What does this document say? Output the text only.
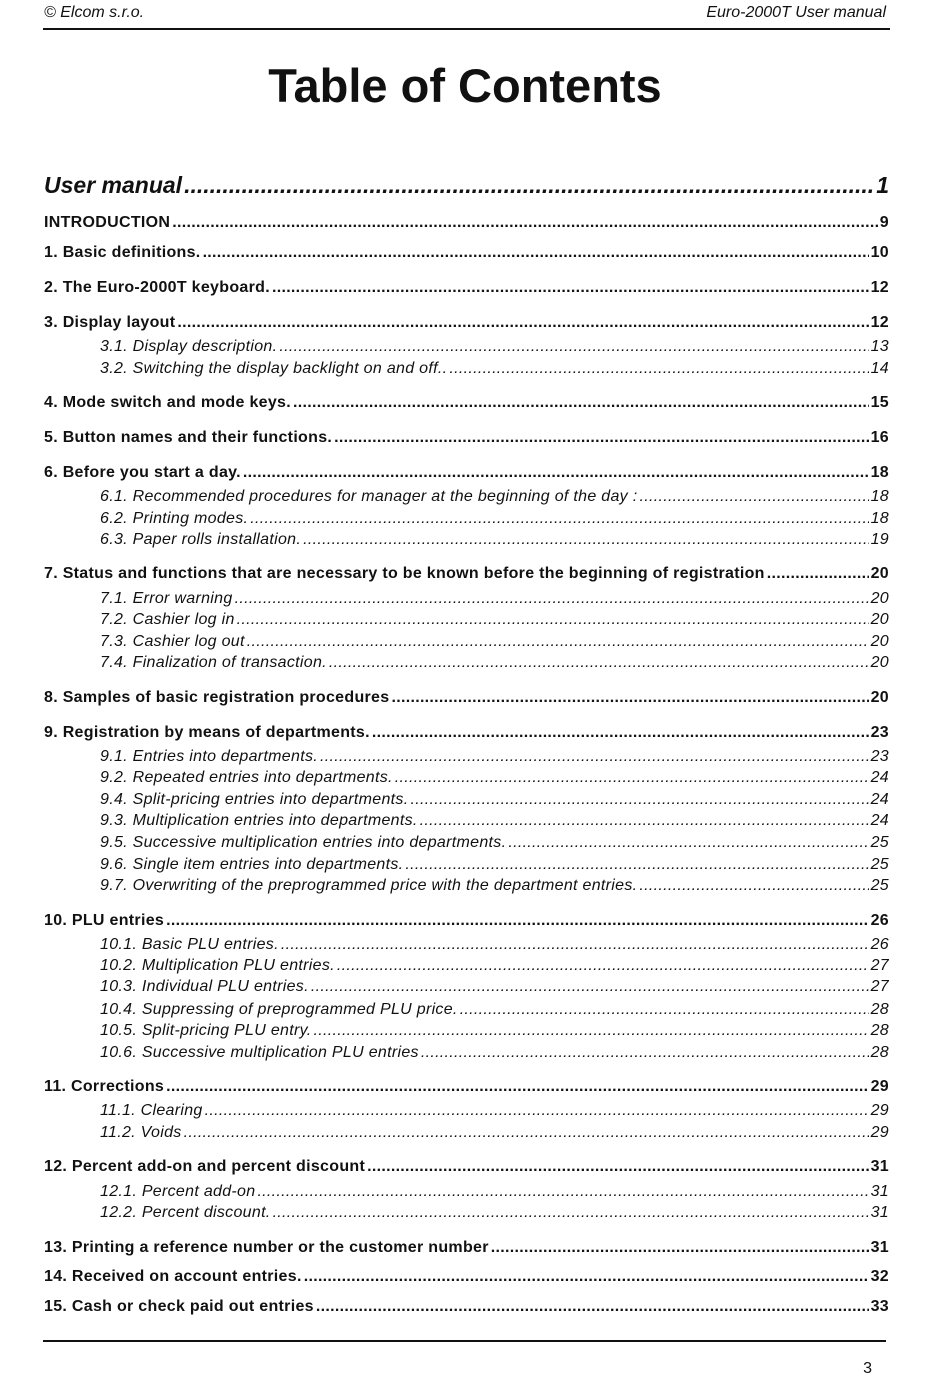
© Elcom s.r.o.	Euro-2000T User manual
Table of Contents
User manual .....	1
INTRODUCTION .....	9
1. Basic definitions. .....	10
2. The Euro-2000T keyboard. .....	12
3. Display layout .....	12
3.1. Display description. .....	13
3.2. Switching the display backlight on and off.. .....	14
4. Mode switch and mode keys. .....	15
5. Button names and their functions. .....	16
6. Before you start a day. .....	18
6.1. Recommended procedures for manager at the beginning of the day : .....	18
6.2. Printing modes. .....	18
6.3. Paper rolls installation. .....	19
7. Status and functions that are necessary to be known before the beginning of registration .....	20
7.1. Error warning .....	20
7.2. Cashier log in .....	20
7.3. Cashier log out .....	20
7.4. Finalization of transaction. .....	20
8. Samples of basic registration procedures .....	20
9. Registration by means of departments. .....	23
9.1. Entries into departments. .....	23
9.2. Repeated entries into departments. .....	24
9.4. Split-pricing entries into departments. .....	24
9.3. Multiplication entries into departments. .....	24
9.5. Successive multiplication entries into departments. .....	25
9.6. Single item entries into departments. .....	25
9.7. Overwriting of the preprogrammed price with the department entries. .....	25
10. PLU entries .....	26
10.1. Basic PLU entries. .....	26
10.2. Multiplication PLU entries. .....	27
10.3. Individual PLU entries. .....	27
10.4. Suppressing of preprogrammed PLU price. .....	28
10.5. Split-pricing PLU entry. .....	28
10.6. Successive multiplication PLU entries .....	28
11. Corrections .....	29
11.1. Clearing .....	29
11.2. Voids .....	29
12. Percent add-on and percent discount .....	31
12.1. Percent add-on .....	31
12.2. Percent discount. .....	31
13. Printing a reference number or the customer number .....	31
14. Received on account entries. .....	32
15. Cash or check paid out entries .....	33
3
